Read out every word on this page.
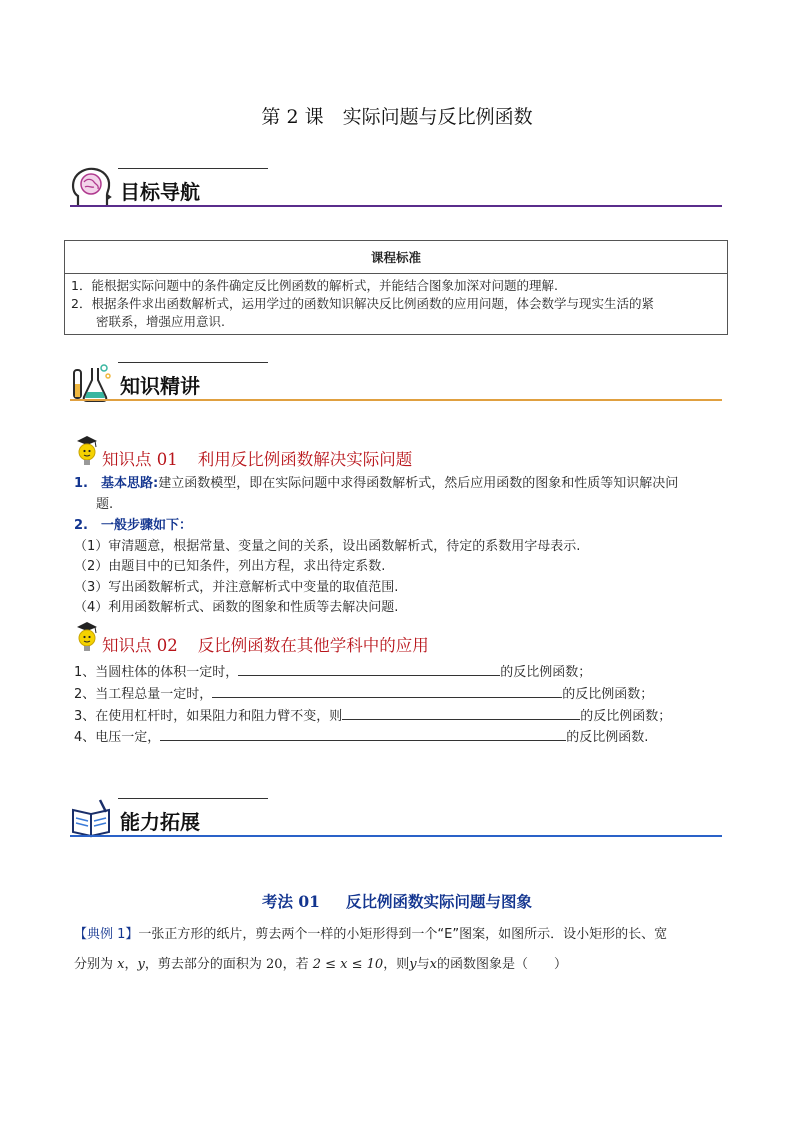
第 2 课　实际问题与反比例函数
目标导航
课程标准

1．能根据实际问题中的条件确定反比例函数的解析式，并能结合图象加深对问题的理解.
2．根据条件求出函数解析式，运用学过的函数知识解决反比例函数的应用问题，体会数学与现实生活的紧
　　密联系，增强应用意识.
知识精讲
知识点 01 利用反比例函数解决实际问题
1.　基本思路:建立函数模型，即在实际问题中求得函数解析式，然后应用函数的图象和性质等知识解决问
题.
2.　一般步骤如下：
（1）审清题意，根据常量、变量之间的关系，设出函数解析式，待定的系数用字母表示.
（2）由题目中的已知条件，列出方程，求出待定系数.
（3）写出函数解析式，并注意解析式中变量的取值范围.
（4）利用函数解析式、函数的图象和性质等去解决问题.
知识点 02 反比例函数在其他学科中的应用
1、当圆柱体的体积一定时，	的反比例函数；
2、当工程总量一定时，	的反比例函数；
3、在使用杠杆时，如果阻力和阻力臂不变，则	的反比例函数；
4、电压一定，	的反比例函数.
能力拓展
考法 01 反比例函数实际问题与图象
【典例 1】一张正方形的纸片，剪去两个一样的小矩形得到一个“E”图案，如图所示．设小矩形的长、宽
分别为 x，y，剪去部分的面积为 20，若 2 ≤ x ≤ 10，则y与x的函数图象是（　　）
